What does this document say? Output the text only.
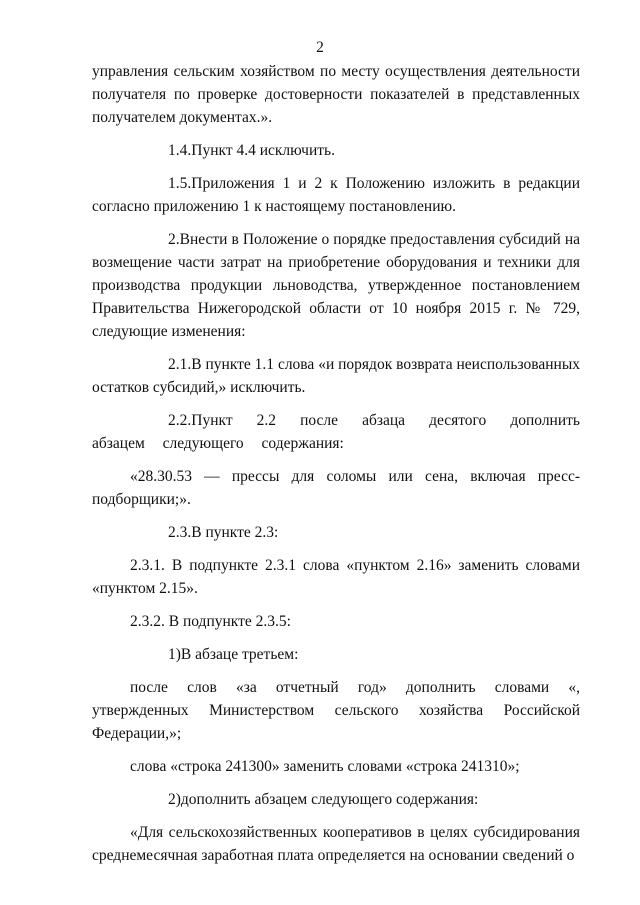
2

управления сельским хозяйством по месту осуществления деятельности получателя по проверке достоверности показателей в представленных получателем документах.».

1.4.Пункт 4.4 исключить.

1.5.Приложения 1 и 2 к Положению изложить в редакции согласно приложению 1 к настоящему постановлению.

2.Внести в Положение о порядке предоставления субсидий на возмещение части затрат на приобретение оборудования и техники для производства продукции льноводства, утвержденное постановлением Правительства Нижегородской области от 10 ноября 2015 г. № 729, следующие изменения:

2.1.В пункте 1.1 слова «и порядок возврата неиспользованных остатков субсидий,» исключить.

2.2.Пункт 2.2 после абзаца десятого дополнить абзацем следующего содержания:

«28.30.53 — прессы для соломы или сена, включая пресс-подборщики;».

2.3.В пункте 2.3:

2.3.1. В подпункте 2.3.1 слова «пунктом 2.16» заменить словами «пунктом 2.15».

2.3.2. В подпункте 2.3.5:

1)В абзаце третьем:

после слов «за отчетный год» дополнить словами «, утвержденных Министерством сельского хозяйства Российской Федерации,»;

слова «строка 241300» заменить словами «строка 241310»;

2)дополнить абзацем следующего содержания:

«Для сельскохозяйственных кооперативов в целях субсидирования среднемесячная заработная плата определяется на основании сведений о
